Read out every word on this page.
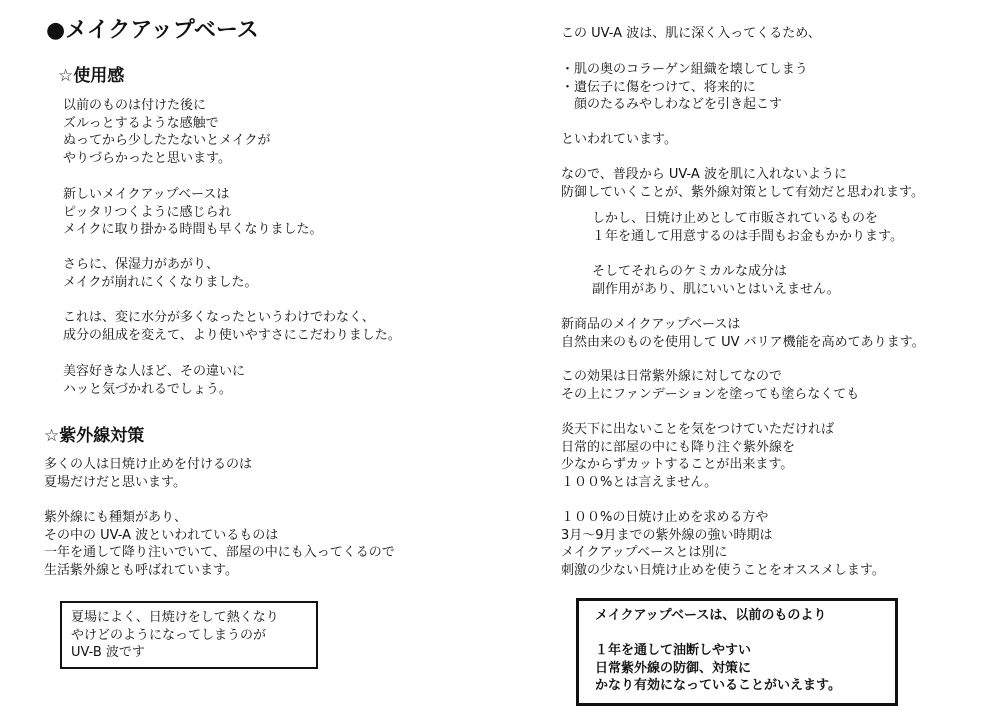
●メイクアップベース
☆使用感
以前のものは付けた後に
ズルっとするような感触で
ぬってから少したたないとメイクが
やりづらかったと思います。
新しいメイクアップベースは
ピッタリつくように感じられ
メイクに取り掛かる時間も早くなりました。
さらに、保湿力があがり、
メイクが崩れにくくなりました。
これは、変に水分が多くなったというわけでわなく、
成分の組成を変えて、より使いやすさにこだわりました。
美容好きな人ほど、その違いに
ハッと気づかれるでしょう。
☆紫外線対策
多くの人は日焼け止めを付けるのは
夏場だけだと思います。
紫外線にも種類があり、
その中の UV-A 波といわれているものは
一年を通して降り注いでいて、部屋の中にも入ってくるので
生活紫外線とも呼ばれています。
夏場によく、日焼けをして熱くなり
やけどのようになってしまうのが
UV-B 波です
この UV-A 波は、肌に深く入ってくるため、
・肌の奥のコラーゲン組織を壊してしまう
・遺伝子に傷をつけて、将来的に
　顔のたるみやしわなどを引き起こす
といわれています。
なので、普段から UV-A 波を肌に入れないように
防御していくことが、紫外線対策として有効だと思われます。
しかし、日焼け止めとして市販されているものを
１年を通して用意するのは手間もお金もかかります。
そしてそれらのケミカルな成分は
副作用があり、肌にいいとはいえません。
新商品のメイクアップベースは
自然由来のものを使用して UV バリア機能を高めてあります。
この効果は日常紫外線に対してなので
その上にファンデーションを塗っても塗らなくても
炎天下に出ないことを気をつけていただければ
日常的に部屋の中にも降り注ぐ紫外線を
少なからずカットすることが出来ます。
１００%とは言えません。
１００%の日焼け止めを求める方や
3月～9月までの紫外線の強い時期は
メイクアップベースとは別に
刺激の少ない日焼け止めを使うことをオススメします。
メイクアップベースは、以前のものより
１年を通して油断しやすい
日常紫外線の防御、対策に
かなり有効になっていることがいえます。
